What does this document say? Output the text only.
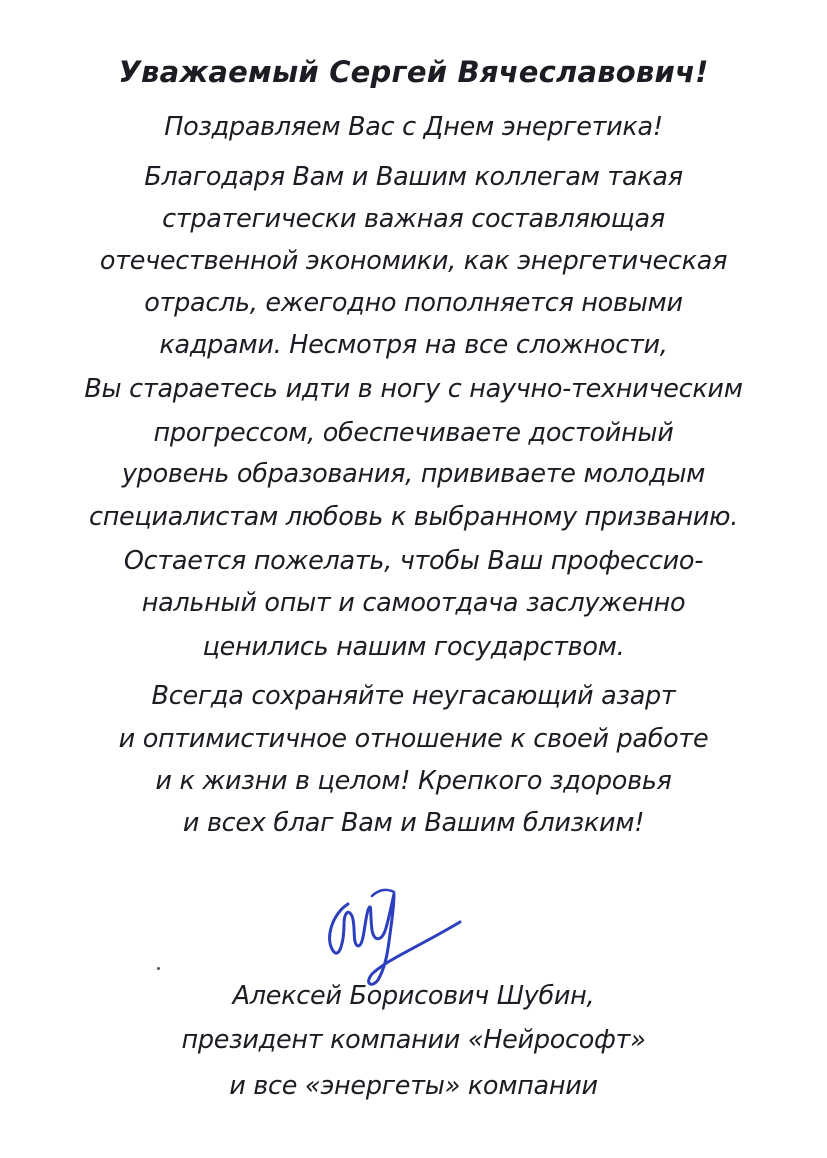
Уважаемый Сергей Вячеславович!
Поздравляем Вас с Днем энергетика!
Благодаря Вам и Вашим коллегам такая
стратегически важная составляющая
отечественной экономики, как энергетическая
отрасль, ежегодно пополняется новыми
кадрами. Несмотря на все сложности,
Вы стараетесь идти в ногу с научно-техническим
прогрессом, обеспечиваете достойный
уровень образования, прививаете молодым
специалистам любовь к выбранному призванию.
Остается пожелать, чтобы Ваш профессио-
нальный опыт и самоотдача заслуженно
ценились нашим государством.
Всегда сохраняйте неугасающий азарт
и оптимистичное отношение к своей работе
и к жизни в целом! Крепкого здоровья
и всех благ Вам и Вашим близким!
Алексей Борисович Шубин,
президент компании «Нейрософт»
и все «энергеты» компании
